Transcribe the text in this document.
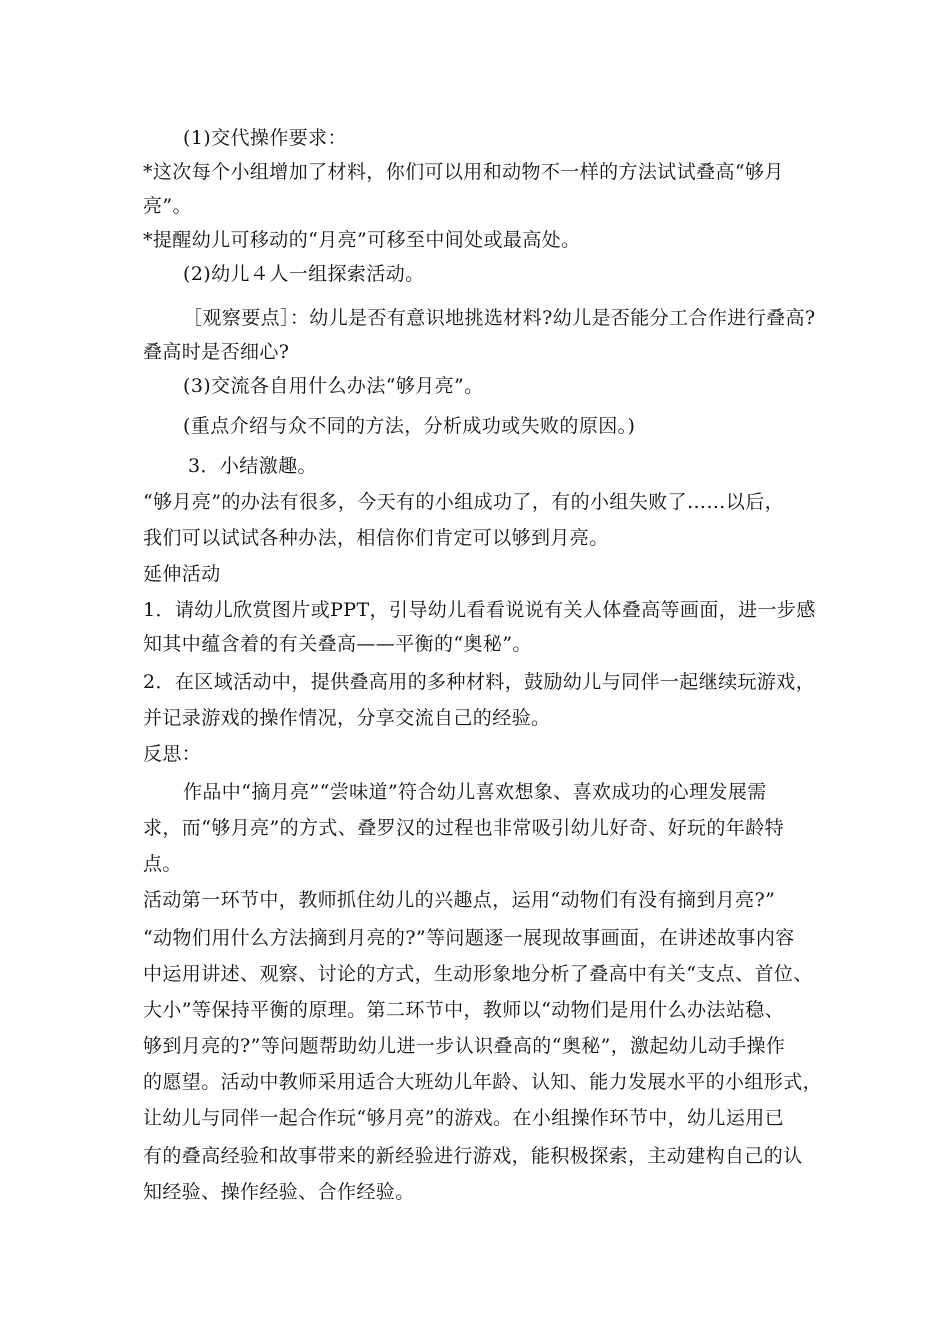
(1)交代操作要求：
*这次每个小组增加了材料，你们可以用和动物不一样的方法试试叠高“够月
亮”。
*提醒幼儿可移动的“月亮”可移至中间处或最高处。
(2)幼儿４人一组探索活动。
［观察要点］：幼儿是否有意识地挑选材料?幼儿是否能分工合作进行叠高?
叠高时是否细心?
(3)交流各自用什么办法“够月亮”。
(重点介绍与众不同的方法，分析成功或失败的原因。)
3．小结激趣。
“够月亮”的办法有很多，今天有的小组成功了，有的小组失败了……以后，
我们可以试试各种办法，相信你们肯定可以够到月亮。
延伸活动
1．请幼儿欣赏图片或PPT，引导幼儿看看说说有关人体叠高等画面，进一步感
知其中蕴含着的有关叠高——平衡的“奥秘”。
2．在区域活动中，提供叠高用的多种材料，鼓励幼儿与同伴一起继续玩游戏，
并记录游戏的操作情况，分享交流自己的经验。
反思：
作品中“摘月亮”“尝味道”符合幼儿喜欢想象、喜欢成功的心理发展需
求，而“够月亮”的方式、叠罗汉的过程也非常吸引幼儿好奇、好玩的年龄特
点。
活动第一环节中，教师抓住幼儿的兴趣点，运用“动物们有没有摘到月亮?”
“动物们用什么方法摘到月亮的?”等问题逐一展现故事画面，在讲述故事内容
中运用讲述、观察、讨论的方式，生动形象地分析了叠高中有关“支点、首位、
大小”等保持平衡的原理。第二环节中，教师以“动物们是用什么办法站稳、
够到月亮的?”等问题帮助幼儿进一步认识叠高的“奥秘”，激起幼儿动手操作
的愿望。活动中教师采用适合大班幼儿年龄、认知、能力发展水平的小组形式，
让幼儿与同伴一起合作玩“够月亮”的游戏。在小组操作环节中，幼儿运用已
有的叠高经验和故事带来的新经验进行游戏，能积极探索，主动建构自己的认
知经验、操作经验、合作经验。
